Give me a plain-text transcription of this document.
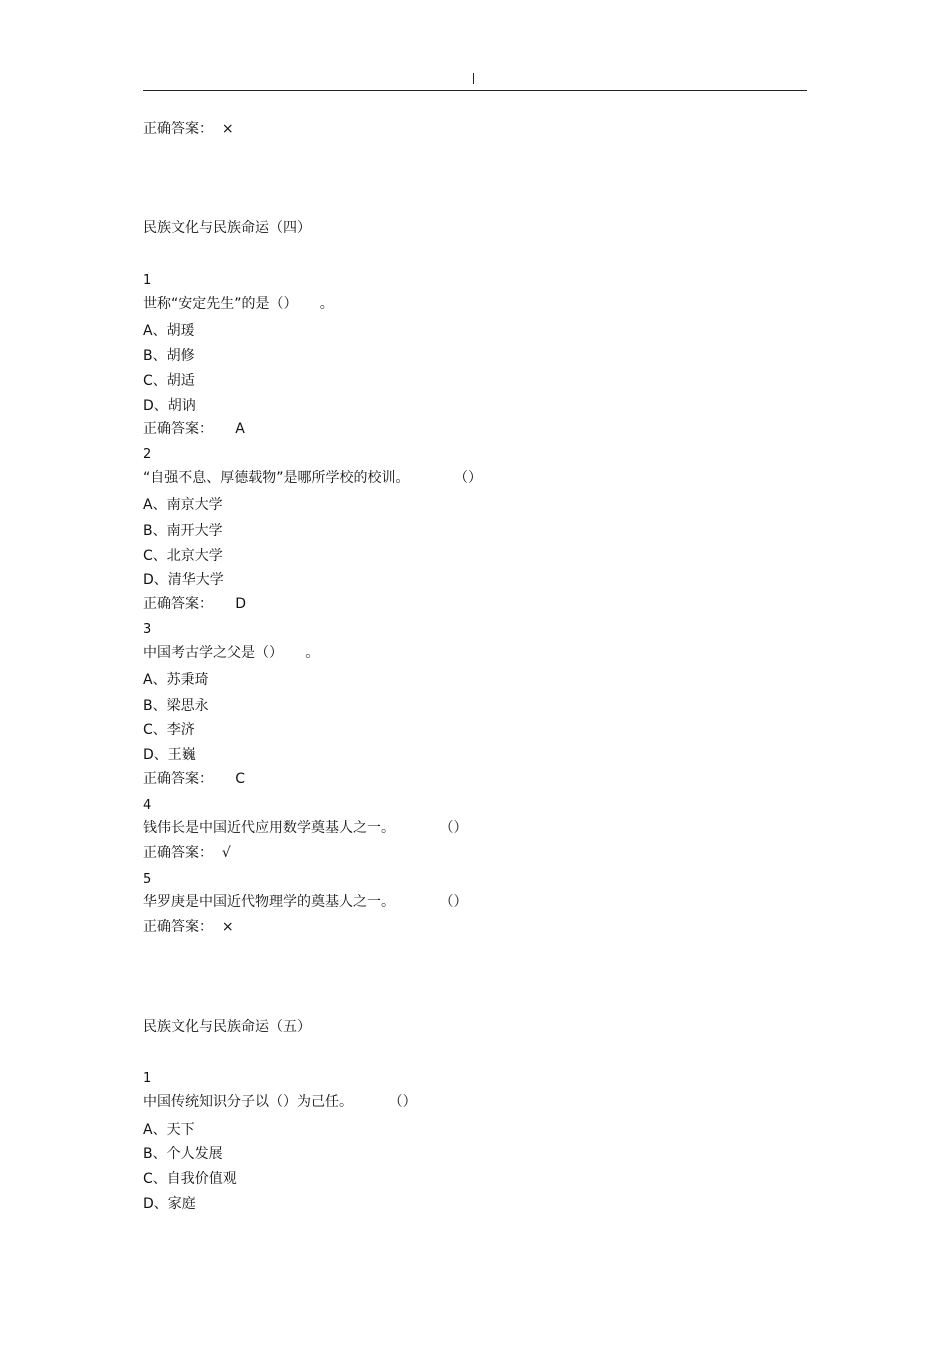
正确答案：  ×
民族文化与民族命运（四）
1
世称“安定先生”的是（）     。
A、胡瑗
B、胡修
C、胡适
D、胡讷
正确答案：     A
2
“自强不息、厚德载物”是哪所学校的校训。          （）
A、南京大学
B、南开大学
C、北京大学
D、清华大学
正确答案：     D
3
中国考古学之父是（）     。
A、苏秉琦
B、梁思永
C、李济
D、王巍
正确答案：     C
4
钱伟长是中国近代应用数学奠基人之一。          （）
正确答案：  √
5
华罗庚是中国近代物理学的奠基人之一。          （）
正确答案：  ×
民族文化与民族命运（五）
1
中国传统知识分子以（）为己任。        （）
A、天下
B、个人发展
C、自我价值观
D、家庭
